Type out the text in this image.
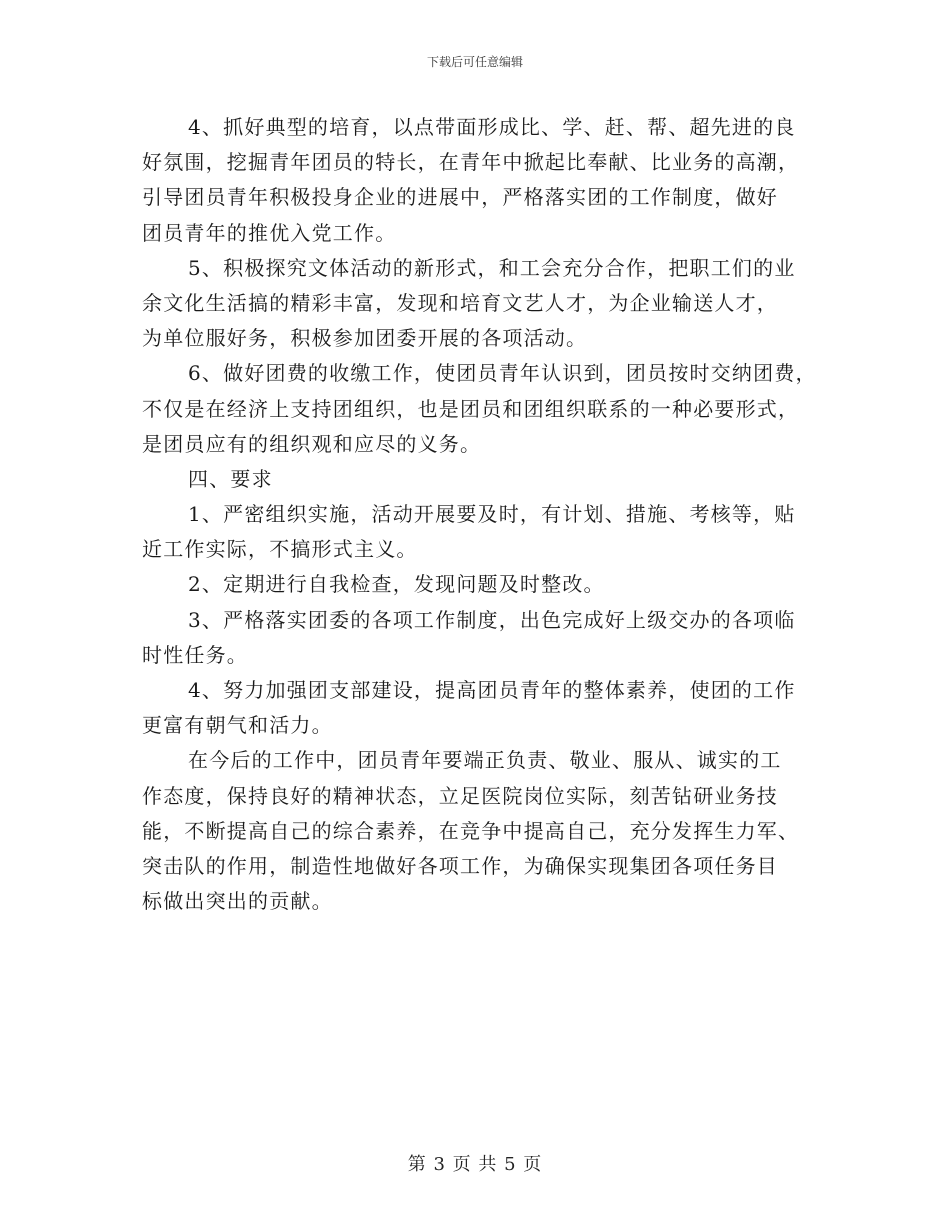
下载后可任意编辑
4、抓好典型的培育，以点带面形成比、学、赶、帮、超先进的良
好氛围，挖掘青年团员的特长，在青年中掀起比奉献、比业务的高潮，
引导团员青年积极投身企业的进展中，严格落实团的工作制度，做好
团员青年的推优入党工作。
5、积极探究文体活动的新形式，和工会充分合作，把职工们的业
余文化生活搞的精彩丰富，发现和培育文艺人才，为企业输送人才，
为单位服好务，积极参加团委开展的各项活动。
6、做好团费的收缴工作，使团员青年认识到，团员按时交纳团费，
不仅是在经济上支持团组织，也是团员和团组织联系的一种必要形式，
是团员应有的组织观和应尽的义务。
四、要求
1、严密组织实施，活动开展要及时，有计划、措施、考核等，贴
近工作实际，不搞形式主义。
2、定期进行自我检查，发现问题及时整改。
3、严格落实团委的各项工作制度，出色完成好上级交办的各项临
时性任务。
4、努力加强团支部建设，提高团员青年的整体素养，使团的工作
更富有朝气和活力。
在今后的工作中，团员青年要端正负责、敬业、服从、诚实的工
作态度，保持良好的精神状态，立足医院岗位实际，刻苦钻研业务技
能，不断提高自己的综合素养，在竞争中提高自己，充分发挥生力军、
突击队的作用，制造性地做好各项工作，为确保实现集团各项任务目
标做出突出的贡献。
第 3 页 共 5 页
